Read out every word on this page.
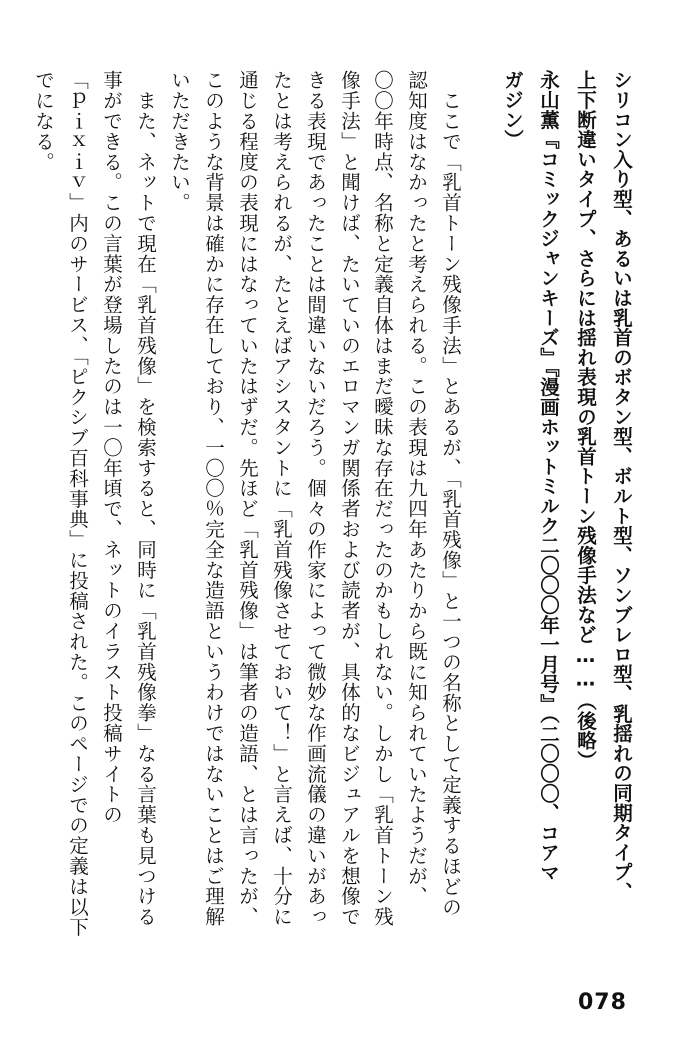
シリコン入り型、あるいは乳首のボタン型、ボルト型、ソンブレロ型、乳揺れの同期タイプ、
上下断違いタイプ、さらには揺れ表現の乳首トーン残像手法など……（後略）
永山薫『コミックジャンキーズ』『漫画ホットミルク二〇〇〇年一月号』（二〇〇〇、コアマ
ガジン）
　ここで「乳首トーン残像手法」とあるが、「乳首残像」と一つの名称として定義するほどの
認知度はなかったと考えられる。この表現は九四年あたりから既に知られていたようだが、
〇〇年時点、名称と定義自体はまだ曖昧な存在だったのかもしれない。しかし「乳首トーン残
像手法」と聞けば、たいていのエロマンガ関係者および読者が、具体的なビジュアルを想像で
きる表現であったことは間違いないだろう。個々の作家によって微妙な作画流儀の違いがあっ
たとは考えられるが、たとえばアシスタントに「乳首残像させておいて！」と言えば、十分に
通じる程度の表現にはなっていたはずだ。先ほど「乳首残像」は筆者の造語、とは言ったが、
このような背景は確かに存在しており、一〇〇％完全な造語というわけではないことはご理解
いただきたい。
　また、ネットで現在「乳首残像」を検索すると、同時に「乳首残像拳」なる言葉も見つける
事ができる。この言葉が登場したのは一〇年頃で、ネットのイラスト投稿サイトの
「ｐｉｘｉｖ」内のサービス、「ピクシブ百科事典」に投稿された。このページでの定義は以下
でになる。
078
